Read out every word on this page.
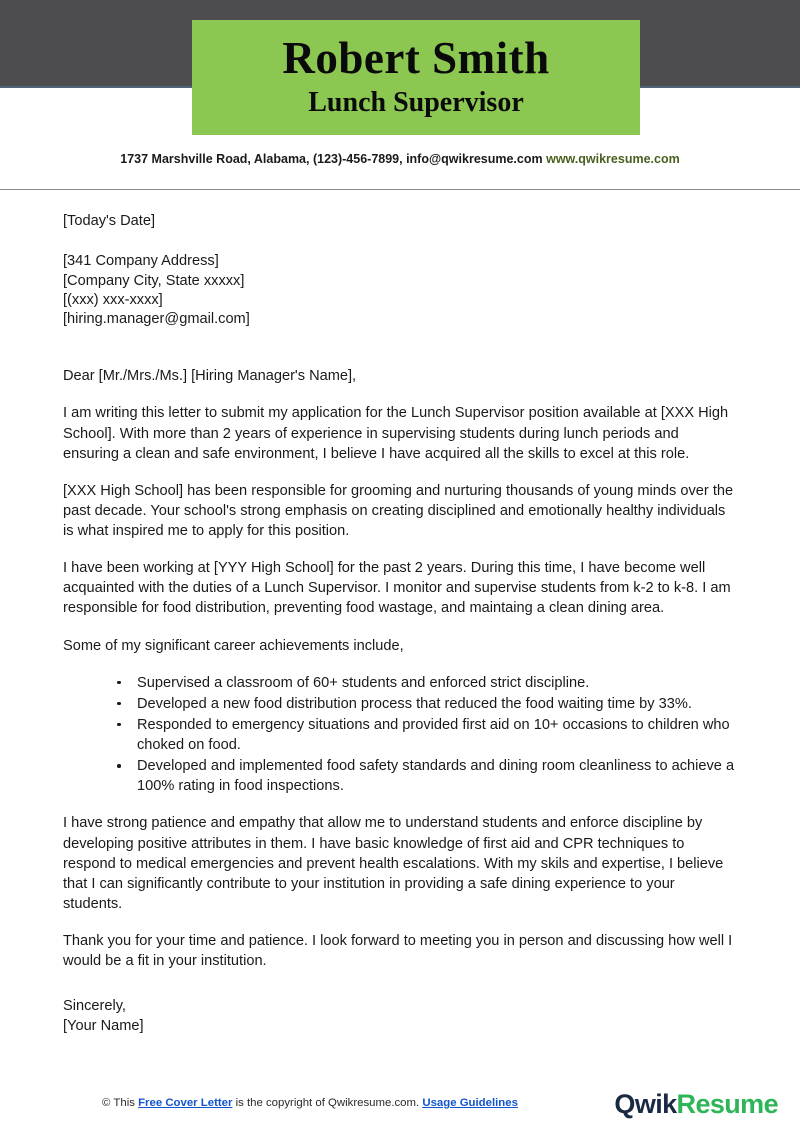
Robert Smith
Lunch Supervisor
1737 Marshville Road, Alabama, (123)-456-7899, info@qwikresume.com www.qwikresume.com
[Today's Date]
[341 Company Address]
[Company City, State xxxxx]
[(xxx) xxx-xxxx]
[hiring.manager@gmail.com]
Dear [Mr./Mrs./Ms.] [Hiring Manager's Name],

I am writing this letter to submit my application for the Lunch Supervisor position available at [XXX High School]. With more than 2 years of experience in supervising students during lunch periods and ensuring a clean and safe environment, I believe I have acquired all the skills to excel at this role.

[XXX High School] has been responsible for grooming and nurturing thousands of young minds over the past decade. Your school's strong emphasis on creating disciplined and emotionally healthy individuals is what inspired me to apply for this position.

I have been working at [YYY High School] for the past 2 years. During this time, I have become well acquainted with the duties of a Lunch Supervisor. I monitor and supervise students from k-2 to k-8. I am responsible for food distribution, preventing food wastage, and maintaing a clean dining area.

Some of my significant career achievements include,

Supervised a classroom of 60+ students and enforced strict discipline.
Developed a new food distribution process that reduced the food waiting time by 33%.
Responded to emergency situations and provided first aid on 10+ occasions to children who choked on food.
Developed and implemented food safety standards and dining room cleanliness to achieve a 100% rating in food inspections.

I have strong patience and empathy that allow me to understand students and enforce discipline by developing positive attributes in them. I have basic knowledge of first aid and CPR techniques to respond to medical emergencies and prevent health escalations. With my skils and expertise, I believe that I can significantly contribute to your institution in providing a safe dining experience to your students.

Thank you for your time and patience. I look forward to meeting you in person and discussing how well I would be a fit in your institution.

Sincerely,
[Your Name]
© This Free Cover Letter is the copyright of Qwikresume.com. Usage Guidelines	QwikResume
